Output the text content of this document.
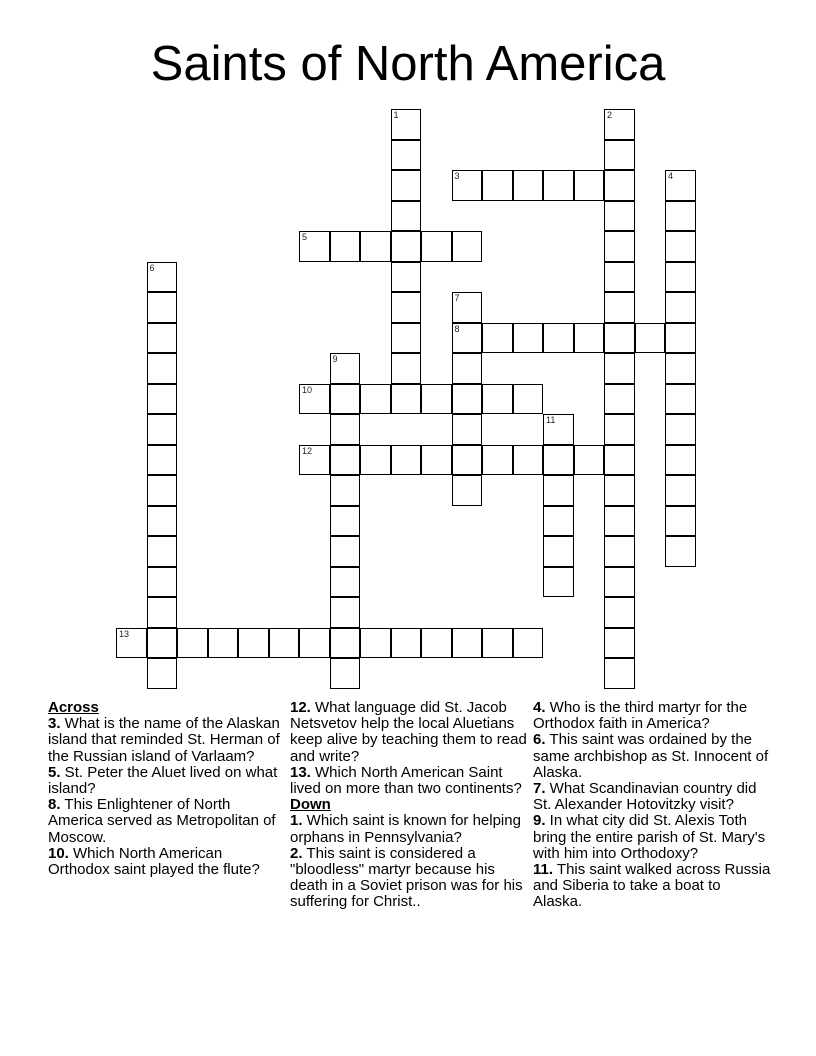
Saints of North America
1	2
3	4
5
6
7
8
9
10
11
12
13
Across
3. What is the name of the Alaskan island that reminded St. Herman of the Russian island of Varlaam?
5. St. Peter the Aluet lived on what island?
8. This Enlightener of North America served as Metropolitan of Moscow.
10. Which North American Orthodox saint played the flute?
12. What language did St. Jacob Netsvetov help the local Aluetians keep alive by teaching them to read and write?
13. Which North American Saint lived on more than two continents?
Down
1. Which saint is known for helping orphans in Pennsylvania?
2. This saint is considered a "bloodless" martyr because his death in a Soviet prison was for his suffering for Christ..
4. Who is the third martyr for the Orthodox faith in America?
6. This saint was ordained by the same archbishop as St. Innocent of Alaska.
7. What Scandinavian country did St. Alexander Hotovitzky visit?
9. In what city did St. Alexis Toth bring the entire parish of St. Mary's with him into Orthodoxy?
11. This saint walked across Russia and Siberia to take a boat to Alaska.
